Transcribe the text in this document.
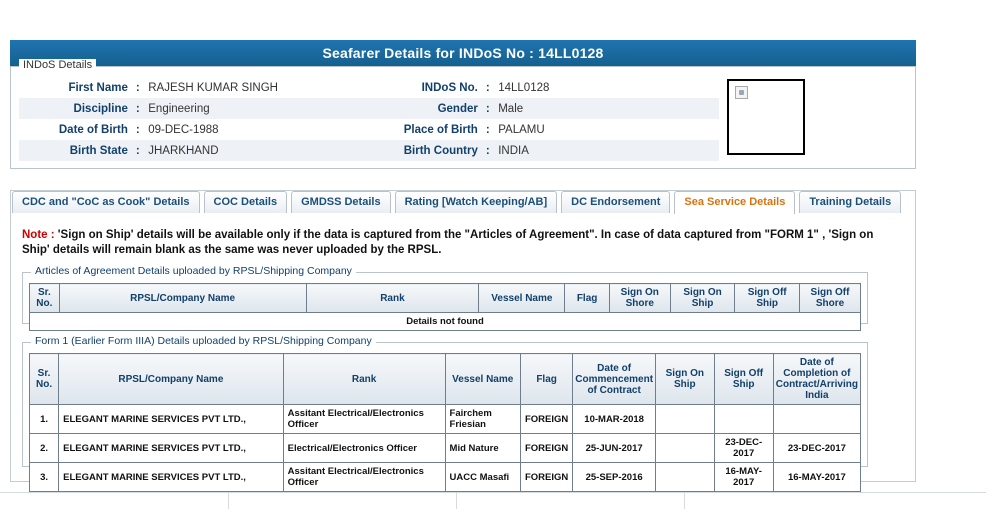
Seafarer Details for INDoS No : 14LL0128
INDoS Details
First Name	:	RAJESH KUMAR SINGH	INDoS No.	:	14LL0128
Discipline	:	Engineering	Gender	:	Male
Date of Birth	:	09-DEC-1988	Place of Birth	:	PALAMU
Birth State	:	JHARKHAND	Birth Country	:	INDIA
CDC and "CoC as Cook" Details	COC Details	GMDSS Details	Rating [Watch Keeping/AB]	DC Endorsement	Sea Service Details	Training Details
Note : 'Sign on Ship' details will be available only if the data is captured from the "Articles of Agreement". In case of data captured from "FORM 1" , 'Sign on Ship' details will remain blank as the same was never uploaded by the RPSL.
Articles of Agreement Details uploaded by RPSL/Shipping Company
Sr. No.	RPSL/Company Name	Rank	Vessel Name	Flag	Sign On Shore	Sign On Ship	Sign Off Ship	Sign Off Shore
Details not found
Form 1 (Earlier Form IIIA) Details uploaded by RPSL/Shipping Company
Sr. No.	RPSL/Company Name	Rank	Vessel Name	Flag	Date of Commencement of Contract	Sign On Ship	Sign Off Ship	Date of Completion of Contract/Arriving India
1.	ELEGANT MARINE SERVICES PVT LTD.,	Assitant Electrical/Electronics Officer	Fairchem Friesian	FOREIGN	10-MAR-2018			
2.	ELEGANT MARINE SERVICES PVT LTD.,	Electrical/Electronics Officer	Mid Nature	FOREIGN	25-JUN-2017		23-DEC-2017	23-DEC-2017
3.	ELEGANT MARINE SERVICES PVT LTD.,	Assitant Electrical/Electronics Officer	UACC Masafi	FOREIGN	25-SEP-2016		16-MAY-2017	16-MAY-2017
